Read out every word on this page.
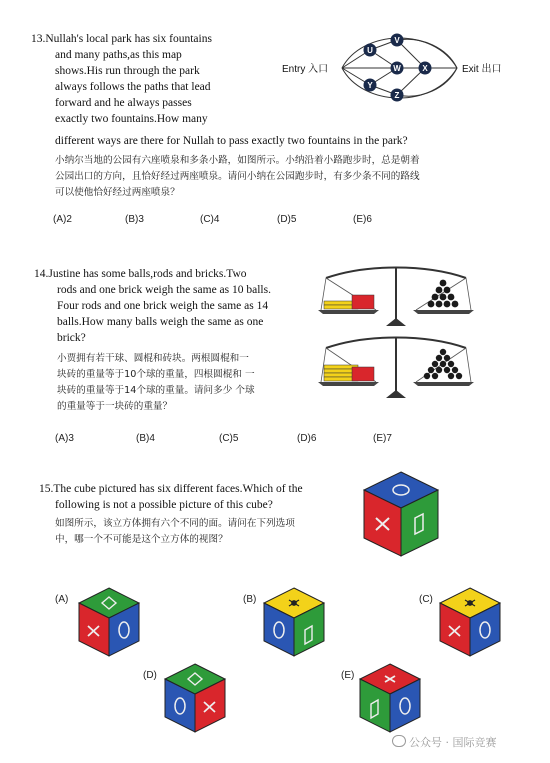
13.Nullah's local park has six fountains
and many paths,as this map
shows.His run through the park
always follows the paths that lead
forward and he always passes
exactly two fountains.How many
different ways are there for Nullah to pass exactly two fountains in the park?
小纳尔当地的公园有六座喷泉和多条小路，如图所示。小纳沿着小路跑步时，总是朝着
公园出口的方向，且恰好经过两座喷泉。请问小纳在公园跑步时，有多少条不同的路线
可以使他恰好经过两座喷泉？
(A)2	(B)3	(C)4	(D)5	(E)6
U
V
W	X
Y
Z
Entry 入口	Exit 出口
14.Justine has some balls,rods and bricks.Two
rods and one brick weigh the same as 10 balls.
Four rods and one brick weigh the same as 14
balls.How many balls weigh the same as one
brick?
小贾拥有若干球、圆棍和砖块。两根圆棍和一
块砖的重量等于10个球的重量，四根圆棍和 一
块砖的重量等于14个球的重量。请问多少 个球
的重量等于一块砖的重量？
(A)3	(B)4	(C)5	(D)6	(E)7
15.The cube pictured has six different faces.Which of the
following is not a possible picture of this cube?
如图所示，该立方体拥有六个不同的面。请问在下列选项
中，哪一个不可能是这个立方体的视图？
(A)	(B)	(C)
(D)	(E)
公众号 · 国际竞赛
